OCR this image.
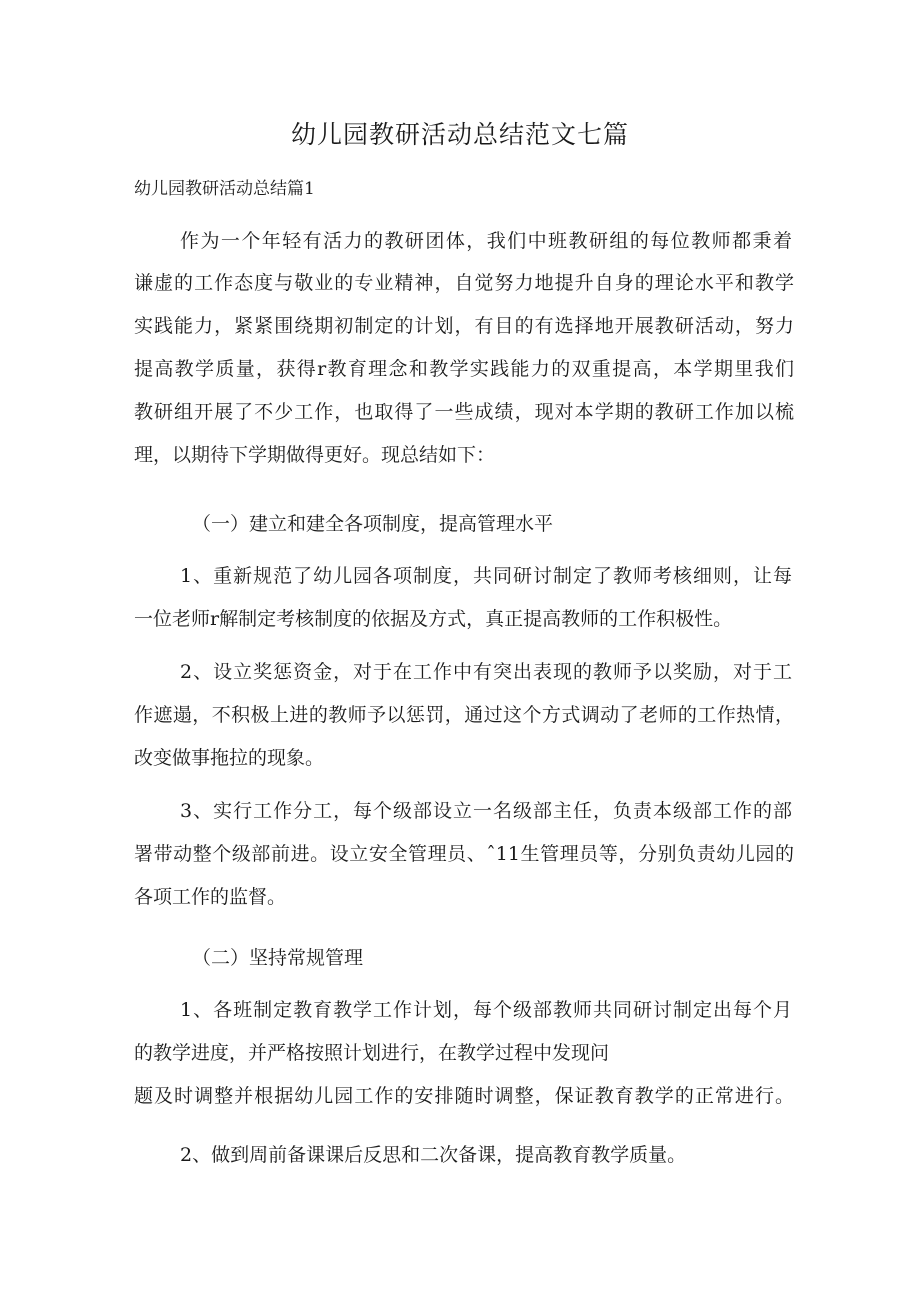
幼儿园教研活动总结范文七篇
幼儿园教研活动总结篇1
作为一个年轻有活力的教研团体，我们中班教研组的每位教师都秉着
谦虚的工作态度与敬业的专业精神，自觉努力地提升自身的理论水平和教学
实践能力，紧紧围绕期初制定的计划，有目的有选择地开展教研活动，努力
提高教学质量，获得r教育理念和教学实践能力的双重提高，本学期里我们
教研组开展了不少工作，也取得了一些成绩，现对本学期的教研工作加以梳
理，以期待下学期做得更好。现总结如下：
（一）建立和建全各项制度，提高管理水平
1、重新规范了幼儿园各项制度，共同研讨制定了教师考核细则，让每
一位老师r解制定考核制度的依据及方式，真正提高教师的工作积极性。
2、设立奖惩资金，对于在工作中有突出表现的教师予以奖励，对于工
作遮遢，不积极上进的教师予以惩罚，通过这个方式调动了老师的工作热情，
改变做事拖拉的现象。
3、实行工作分工，每个级部设立一名级部主任，负责本级部工作的部
署带动整个级部前进。设立安全管理员、ˆ11生管理员等，分别负责幼儿园的
各项工作的监督。
（二）坚持常规管理
1、各班制定教育教学工作计划，每个级部教师共同研讨制定出每个月
的教学进度，并严格按照计划进行，在教学过程中发现问
题及时调整并根据幼儿园工作的安排随时调整，保证教育教学的正常进行。
2、做到周前备课课后反思和二次备课，提高教育教学质量。
